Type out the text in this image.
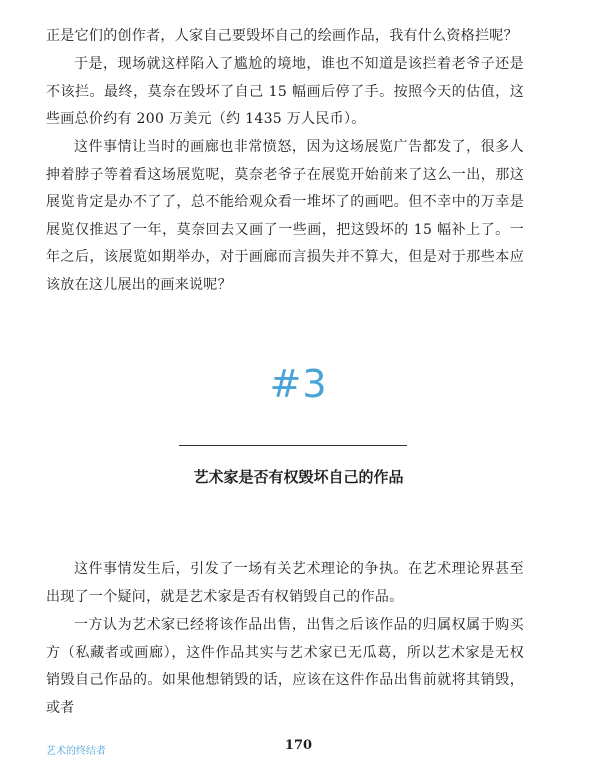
正是它们的创作者，人家自己要毁坏自己的绘画作品，我有什么资格拦呢？

于是，现场就这样陷入了尴尬的境地，谁也不知道是该拦着老爷子还是不该拦。最终，莫奈在毁坏了自己 15 幅画后停了手。按照今天的估值，这些画总价约有 200 万美元（约 1435 万人民币）。

这件事情让当时的画廊也非常愤怒，因为这场展览广告都发了，很多人抻着脖子等着看这场展览呢，莫奈老爷子在展览开始前来了这么一出，那这展览肯定是办不了了，总不能给观众看一堆坏了的画吧。但不幸中的万幸是展览仅推迟了一年，莫奈回去又画了一些画，把这毁坏的 15 幅补上了。一年之后，该展览如期举办，对于画廊而言损失并不算大，但是对于那些本应该放在这儿展出的画来说呢？

#3
艺术家是否有权毁坏自己的作品

这件事情发生后，引发了一场有关艺术理论的争执。在艺术理论界甚至出现了一个疑问，就是艺术家是否有权销毁自己的作品。

一方认为艺术家已经将该作品出售，出售之后该作品的归属权属于购买方（私藏者或画廊），这件作品其实与艺术家已无瓜葛，所以艺术家是无权销毁自己作品的。如果他想销毁的话，应该在这件作品出售前就将其销毁，或者

艺术的终结者	170
